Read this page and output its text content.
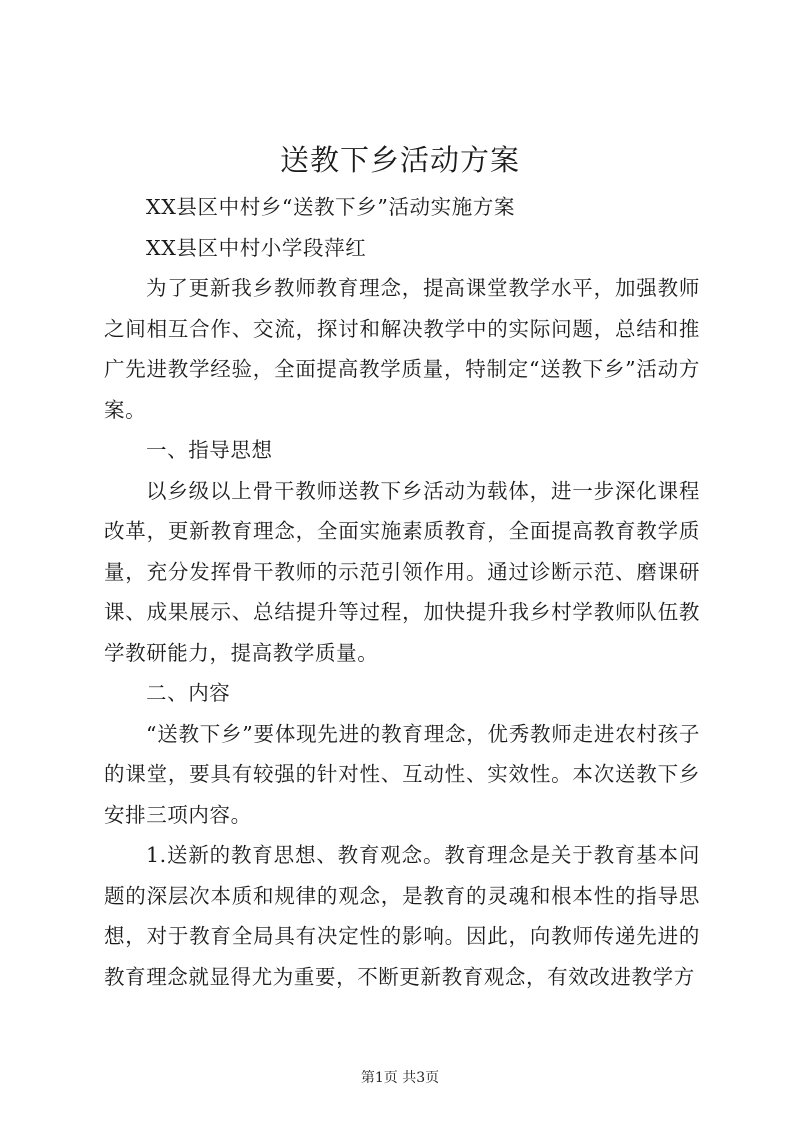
送教下乡活动方案

XX县区中村乡“送教下乡”活动实施方案

XX县区中村小学段萍红

为了更新我乡教师教育理念，提高课堂教学水平，加强教师之间相互合作、交流，探讨和解决教学中的实际问题，总结和推广先进教学经验，全面提高教学质量，特制定“送教下乡”活动方案。

一、指导思想

以乡级以上骨干教师送教下乡活动为载体，进一步深化课程改革，更新教育理念，全面实施素质教育，全面提高教育教学质量，充分发挥骨干教师的示范引领作用。通过诊断示范、磨课研课、成果展示、总结提升等过程，加快提升我乡村学教师队伍教学教研能力，提高教学质量。

二、内容

“送教下乡”要体现先进的教育理念，优秀教师走进农村孩子的课堂，要具有较强的针对性、互动性、实效性。本次送教下乡安排三项内容。

1.送新的教育思想、教育观念。教育理念是关于教育基本问题的深层次本质和规律的观念，是教育的灵魂和根本性的指导思想，对于教育全局具有决定性的影响。因此，向教师传递先进的教育理念就显得尤为重要，不断更新教育观念，有效改进教学方

第1页 共3页
